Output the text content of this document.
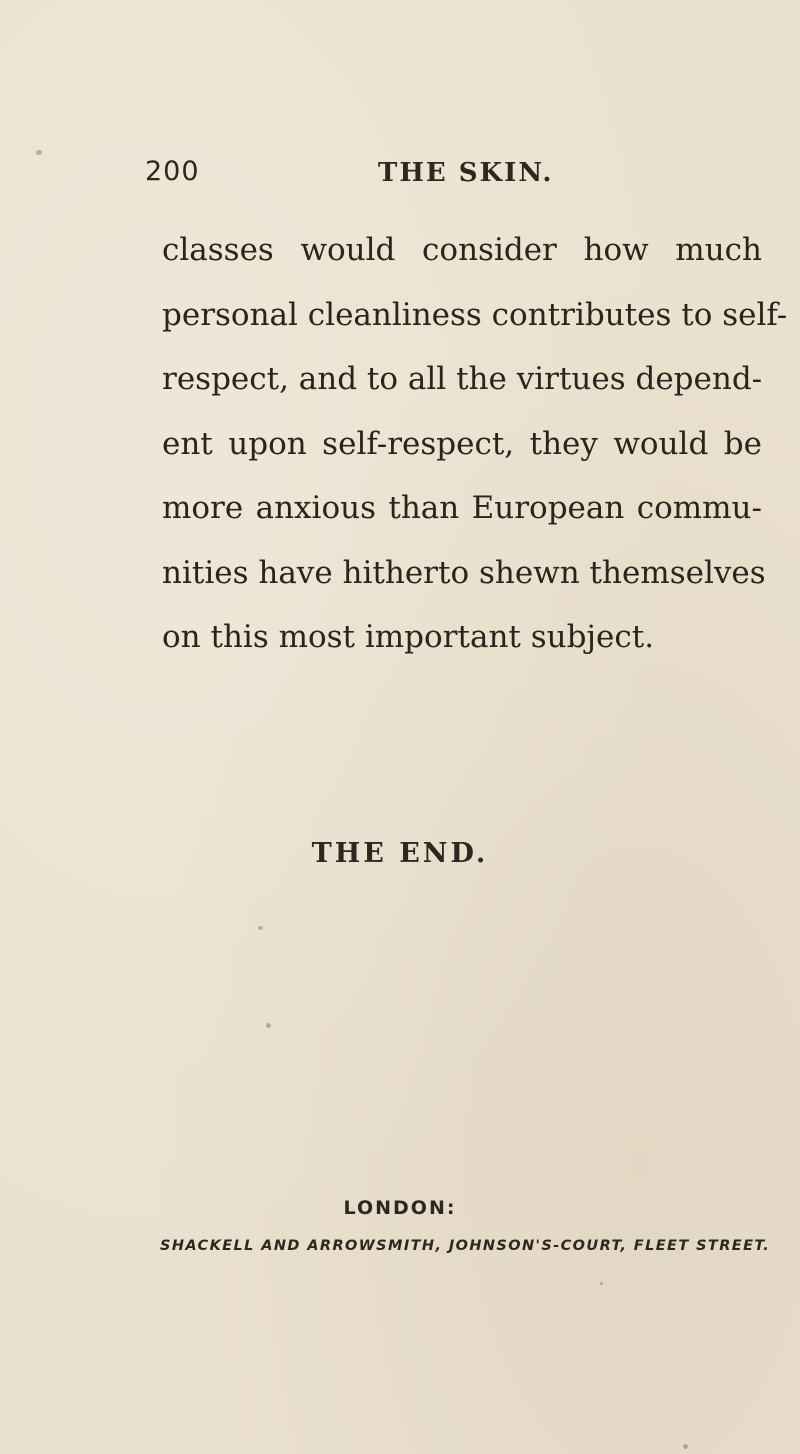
200	THE SKIN.
classes would consider how much
personal cleanliness contributes to self-
respect, and to all the virtues depend-
ent upon self-respect, they would be
more anxious than European commu-
nities have hitherto shewn themselves
on this most important subject.
THE END.
LONDON:
SHACKELL AND ARROWSMITH, JOHNSON'S-COURT, FLEET STREET.
